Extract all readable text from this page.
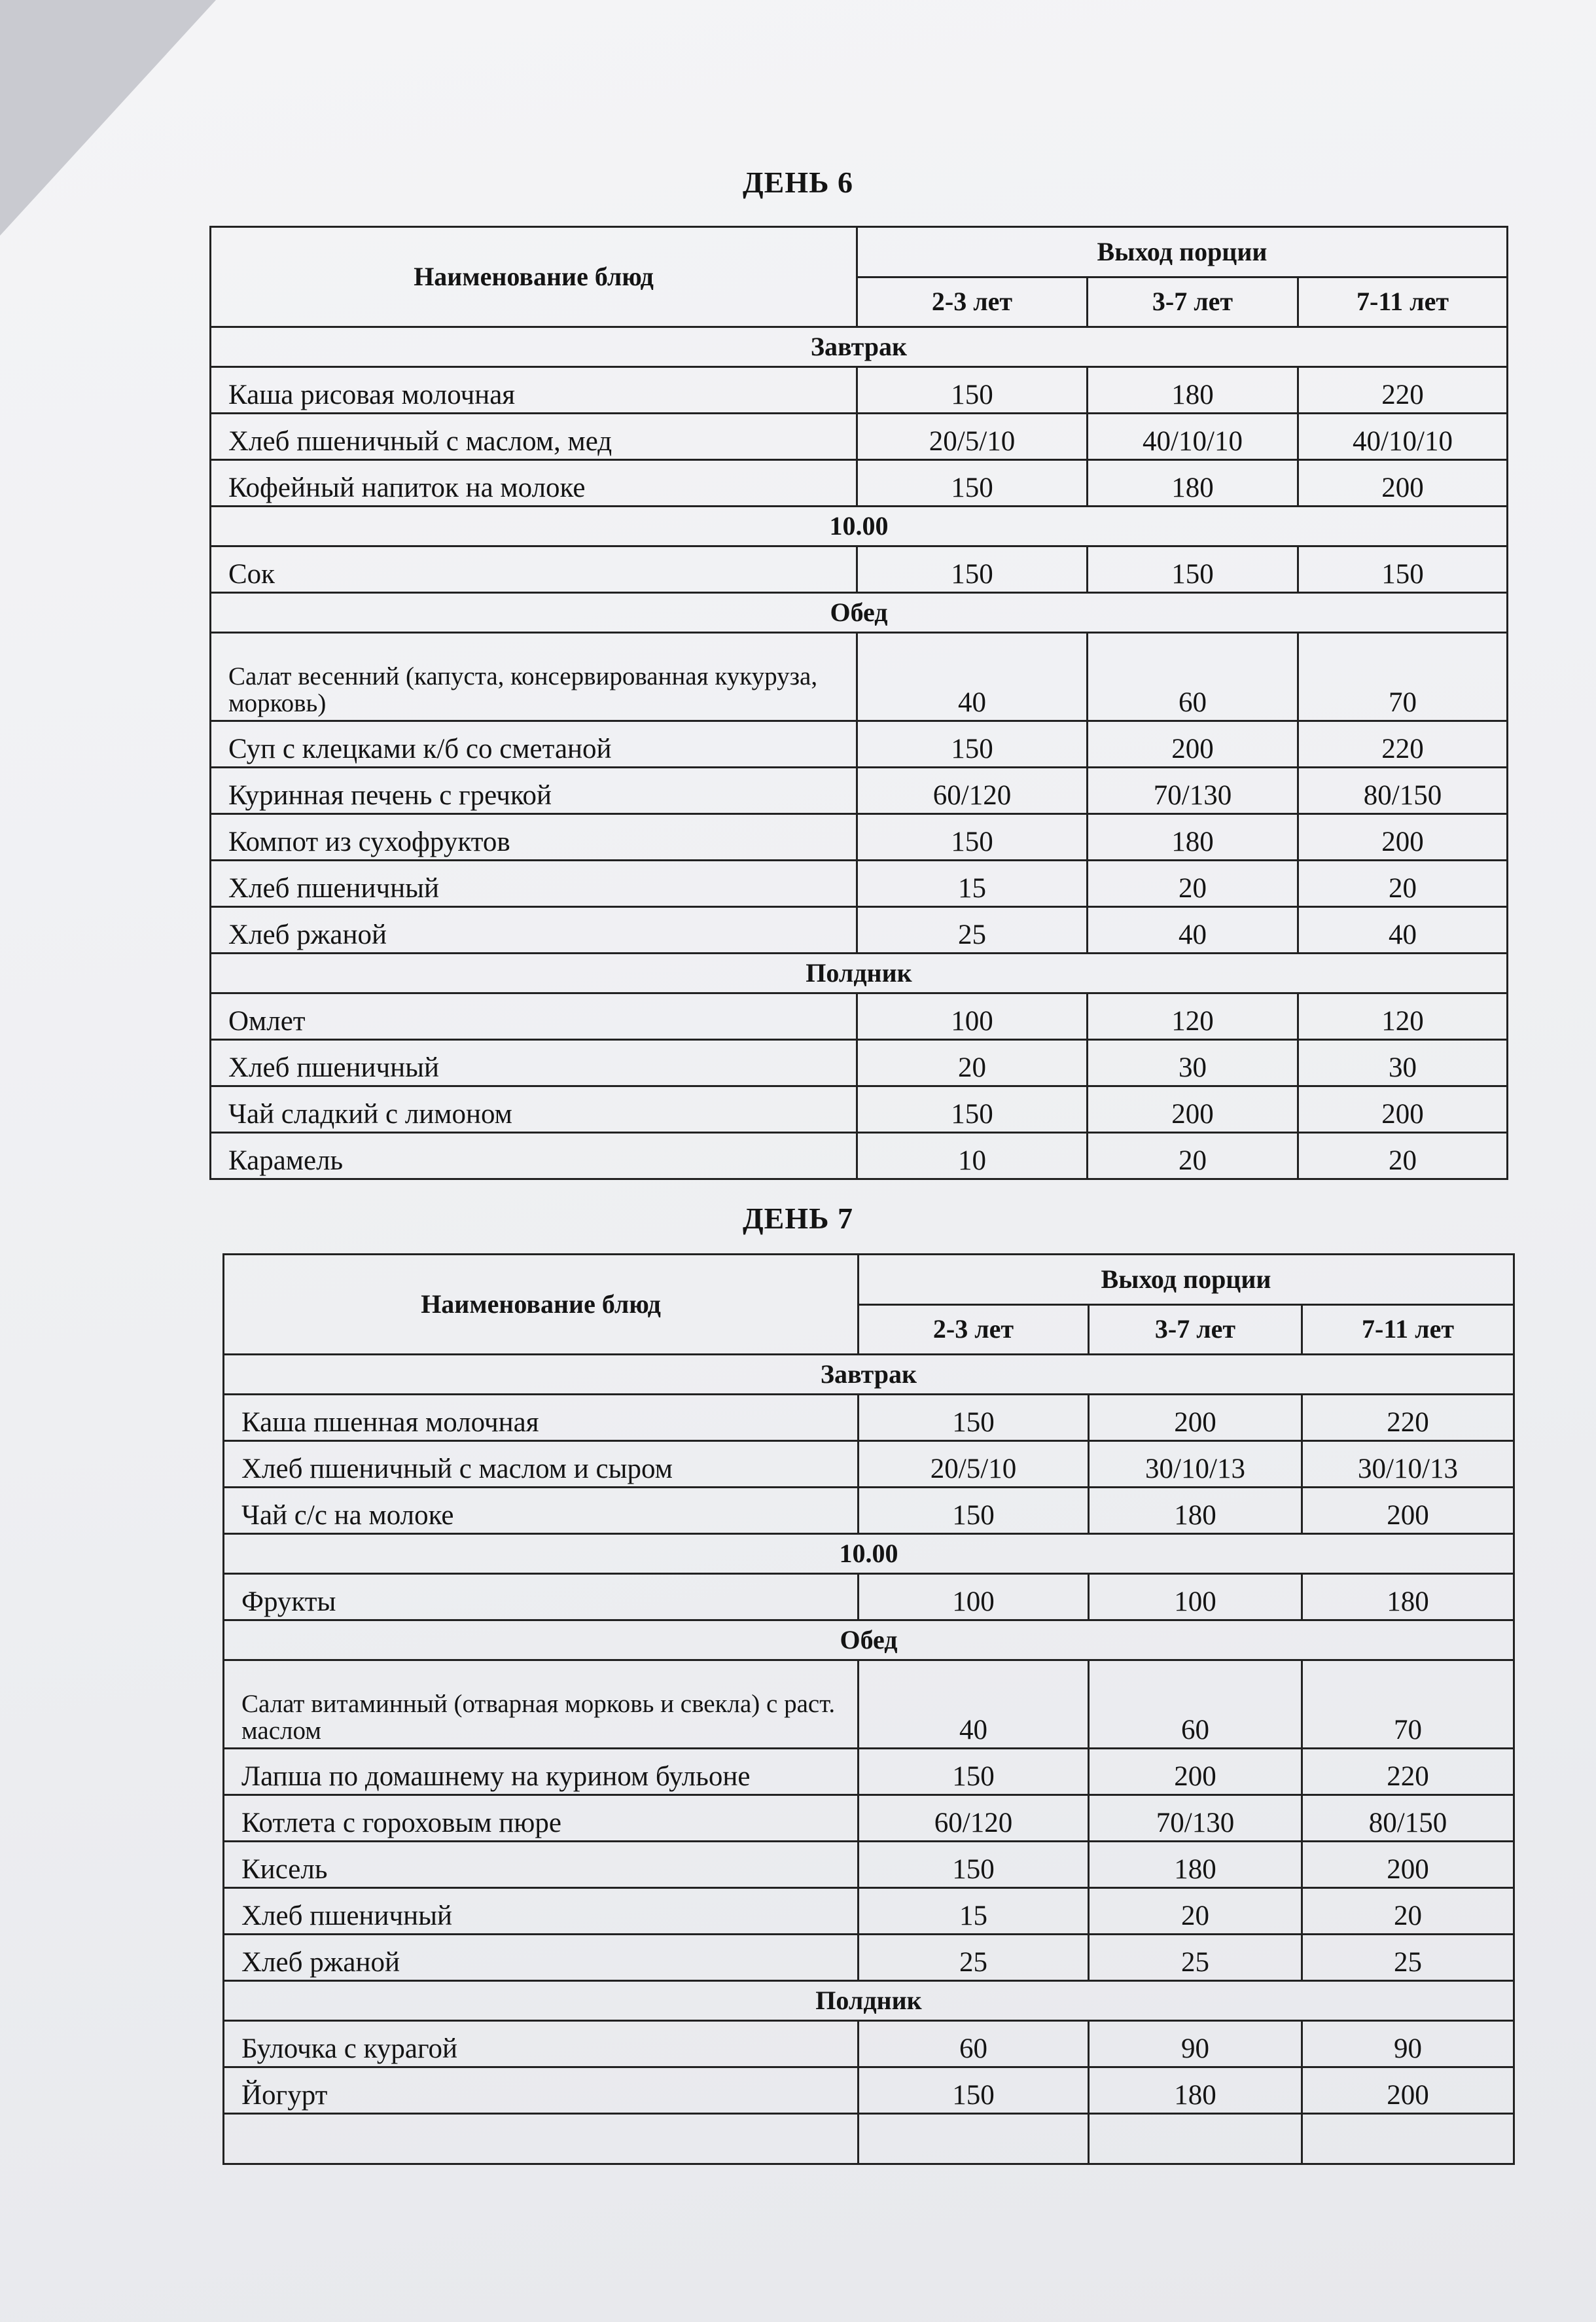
ДЕНЬ 6
Наименование блюд	Выход порции		
	2-3 лет	3-7 лет	7-11 лет
Завтрак			
Каша рисовая молочная	150	180	220
Хлеб пшеничный с маслом, мед	20/5/10	40/10/10	40/10/10
Кофейный напиток на молоке	150	180	200
10.00			
Сок	150	150	150
Обед			
Салат весенний (капуста, консервированная кукуруза, морковь)	40	60	70
Суп с клецками к/б со сметаной	150	200	220
Куринная печень с гречкой	60/120	70/130	80/150
Компот из сухофруктов	150	180	200
Хлеб пшеничный	15	20	20
Хлеб ржаной	25	40	40
Полдник			
Омлет	100	120	120
Хлеб пшеничный	20	30	30
Чай сладкий с лимоном	150	200	200
Карамель	10	20	20
ДЕНЬ 7
Наименование блюд	Выход порции		
	2-3 лет	3-7 лет	7-11 лет
Завтрак			
Каша пшенная молочная	150	200	220
Хлеб пшеничный с маслом и сыром	20/5/10	30/10/13	30/10/13
Чай с/с на молоке	150	180	200
10.00			
Фрукты	100	100	180
Обед			
Салат витаминный (отварная морковь и свекла) с раст. маслом	40	60	70
Лапша по домашнему на курином бульоне	150	200	220
Котлета с гороховым пюре	60/120	70/130	80/150
Кисель	150	180	200
Хлеб пшеничный	15	20	20
Хлеб ржаной	25	25	25
Полдник			
Булочка с курагой	60	90	90
Йогурт	150	180	200
